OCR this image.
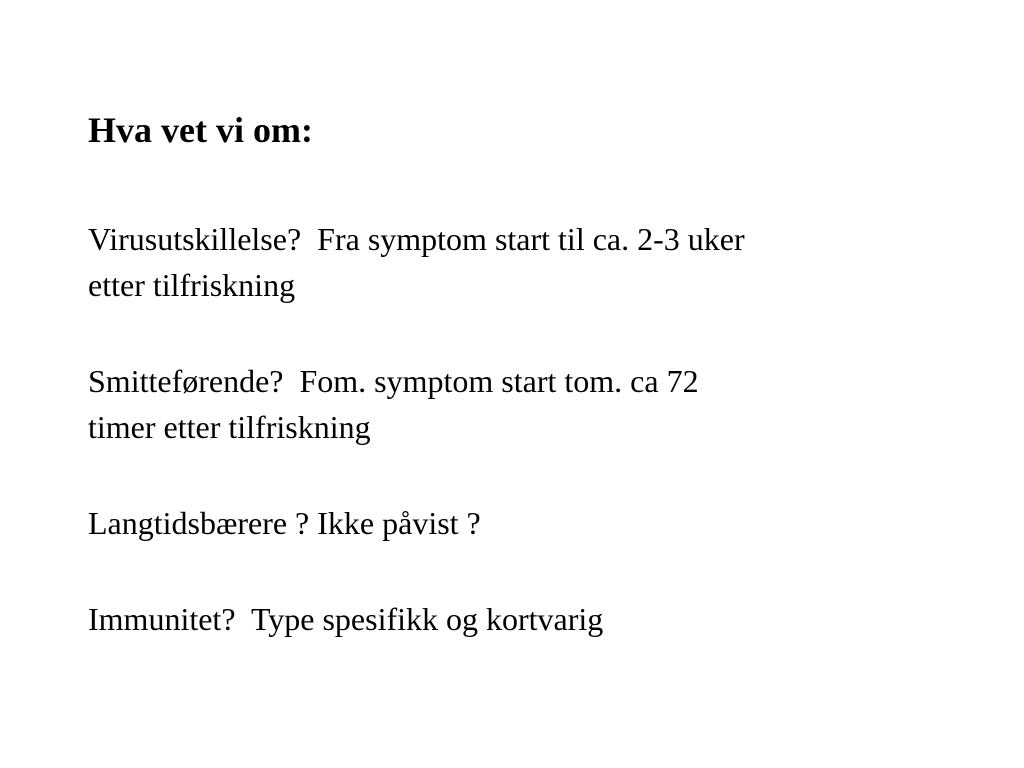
Hva vet vi om:
Virusutskillelse?  Fra symptom start til ca. 2-3 uker
etter tilfriskning
Smitteførende?  Fom. symptom start tom. ca 72
timer etter tilfriskning
Langtidsbærere ? Ikke påvist ?
Immunitet?  Type spesifikk og kortvarig
